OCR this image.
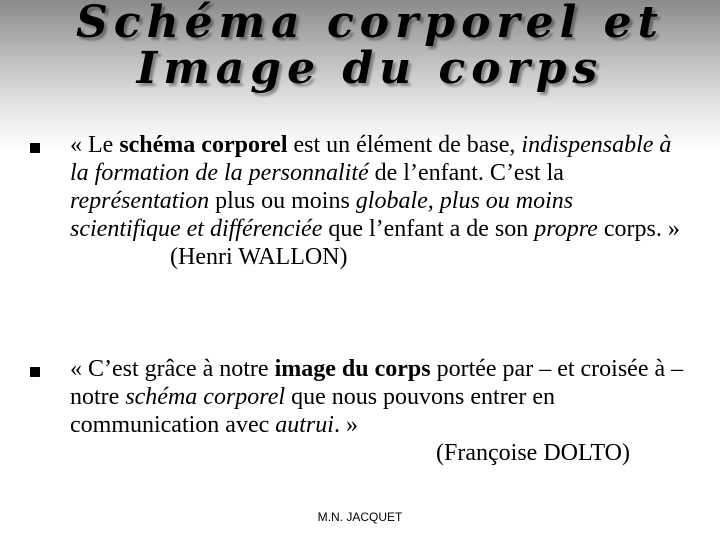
Schéma corporel et Image du corps
« Le schéma corporel est un élément de base, indispensable à la formation de la personnalité de l’enfant. C’est la représentation plus ou moins globale, plus ou moins scientifique et différenciée que l’enfant a de son propre corps. »(Henri WALLON)
« C’est grâce à notre image du corps portée par – et croisée à – notre schéma corporel que nous pouvons entrer en communication avec autrui. »
(Françoise DOLTO)
M.N. JACQUET
